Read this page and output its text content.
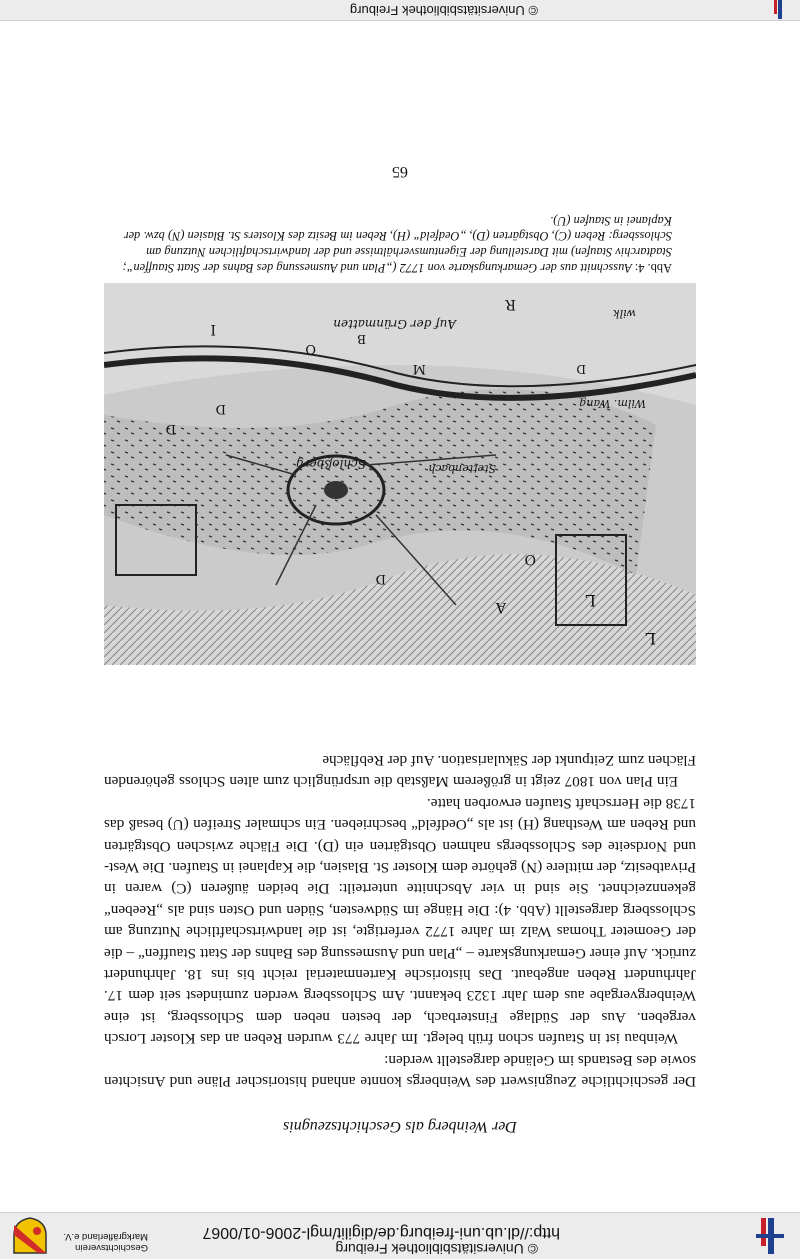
© Universitätsbibliothek Freiburg
http://dl.ub.uni-freiburg.de/digilit/mgl-2006-01/0067
Geschichtsverein
Markgräflerland e.V.
© Universitätsbibliothek Freiburg
Der Weinberg als Geschichtszeugnis

Der geschichtliche Zeugniswert des Weinbergs konnte anhand historischer Pläne und Ansichten sowie des Bestands im Gelände dargestellt werden:

Weinbau ist in Staufen schon früh belegt. Im Jahre 773 wurden Reben an das Kloster Lorsch vergeben. Aus der Südlage Finsterbach, der besten neben dem Schlossberg, ist eine Weinbergvergabe aus dem Jahr 1323 bekannt. Am Schlossberg werden zumindest seit dem 17. Jahrhundert Reben angebaut. Das historische Kartenmaterial reicht bis ins 18. Jahrhundert zurück. Auf einer Gemarkungskarte – „Plan und Ausmessung des Bahns der Statt Stauffen“ – die der Geometer Thomas Walz im Jahre 1772 verfertigte, ist die landwirtschaftliche Nutzung am Schlossberg dargestellt (Abb. 4): Die Hänge im Südwesten, Süden und Osten sind als „Reeben“ gekennzeichnet. Sie sind in vier Abschnitte unterteilt: Die beiden äußeren (C) waren in Privatbesitz, der mittlere (N) gehörte dem Kloster St. Blasien, die Kaplanei in Staufen. Die West- und Nordseite des Schlossbergs nahmen Obstgärten ein (D). Die Fläche zwischen Obstgärten und Reben am Westhang (H) ist als „Oedfeld“ beschrieben. Ein schmaler Streifen (U) besaß das 1738 die Herrschaft Staufen erworben hatte.

Ein Plan von 1807 zeigt in größerem Maßstab die ursprünglich zum alten Schloss gehörenden Flächen zum Zeitpunkt der Säkularisation. Auf der Rebfläche

L
L
O
A
D
M
Schloßberg	Stettenbach
D
R
O
D
I	Auf der Grünmatten
B
Wilm. Wang
D
wilk
Abb. 4: Ausschnitt aus der Gemarkungskarte von 1772 („Plan und Ausmessung des Bahns der Statt Stauffen“; Stadtarchiv Staufen) mit Darstellung der Eigentumsverhältnisse und der landwirtschaftlichen Nutzung am Schlossberg: Reben (C), Obstgärten (D), „Oedfeld“ (H), Reben im Besitz des Klosters St. Blasien (N) bzw. der Kaplanei in Staufen (U).
65
